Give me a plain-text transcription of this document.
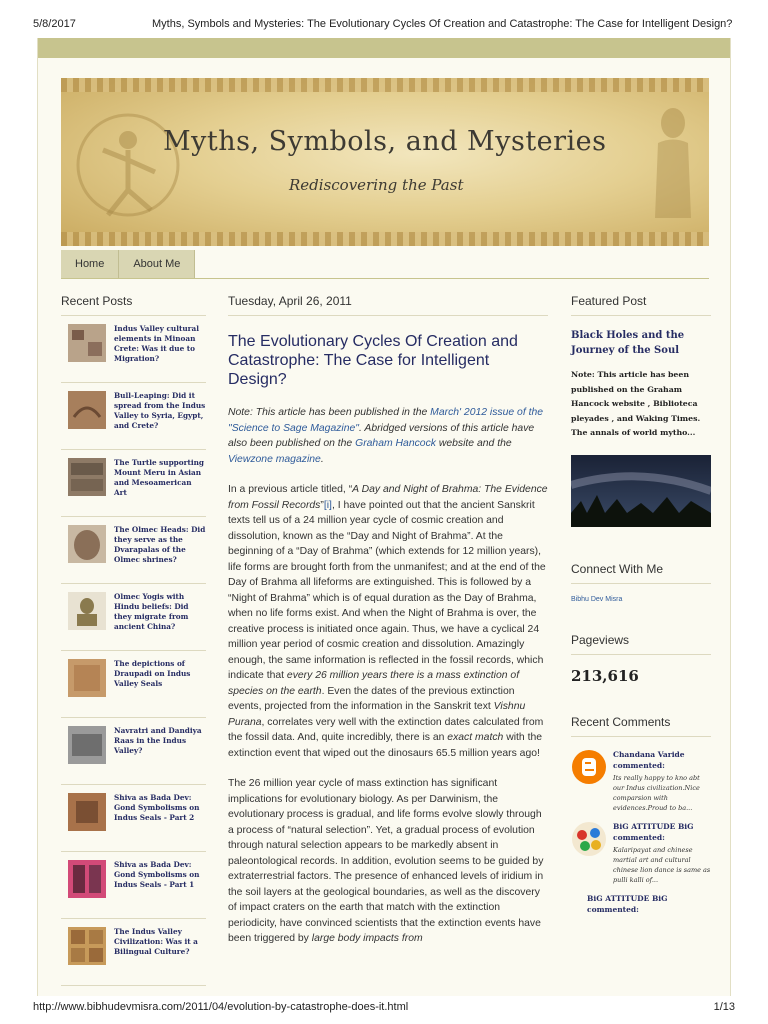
5/8/2017	Myths, Symbols and Mysteries: The Evolutionary Cycles Of Creation and Catastrophe: The Case for Intelligent Design?
Myths, Symbols, and Mysteries
Rediscovering the Past
Home	About Me
Recent Posts
Indus Valley cultural elements in Minoan Crete: Was it due to Migration?
Bull-Leaping: Did it spread from the Indus Valley to Syria, Egypt, and Crete?
The Turtle supporting Mount Meru in Asian and Mesoamerican Art
The Olmec Heads: Did they serve as the Dvarapalas of the Olmec shrines?
Olmec Yogis with Hindu beliefs: Did they migrate from ancient China?
The depictions of Draupadi on Indus Valley Seals
Navratri and Dandiya Raas in the Indus Valley?
Shiva as Bada Dev: Gond Symbolisms on Indus Seals - Part 2
Shiva as Bada Dev: Gond Symbolisms on Indus Seals - Part 1
The Indus Valley Civilization: Was it a Bilingual Culture?
Tuesday, April 26, 2011
The Evolutionary Cycles Of Creation and Catastrophe: The Case for Intelligent Design?
Note: This article has been published in the March' 2012 issue of the "Science to Sage Magazine". Abridged versions of this article have also been published on the Graham Hancock website and the Viewzone magazine.

In a previous article titled, “A Day and Night of Brahma: The Evidence from Fossil Records”[i], I have pointed out that the ancient Sanskrit texts tell us of a 24 million year cycle of cosmic creation and dissolution, known as the “Day and Night of Brahma”. At the beginning of a “Day of Brahma” (which extends for 12 million years), life forms are brought forth from the unmanifest; and at the end of the Day of Brahma all lifeforms are extinguished. This is followed by a “Night of Brahma” which is of equal duration as the Day of Brahma, when no life forms exist. And when the Night of Brahma is over, the creative process is initiated once again. Thus, we have a cyclical 24 million year period of cosmic creation and dissolution. Amazingly enough, the same information is reflected in the fossil records, which indicate that every 26 million years there is a mass extinction of species on the earth. Even the dates of the previous extinction events, projected from the information in the Sanskrit text Vishnu Purana, correlates very well with the extinction dates calculated from the fossil data. And, quite incredibly, there is an exact match with the extinction event that wiped out the dinosaurs 65.5 million years ago!

The 26 million year cycle of mass extinction has significant implications for evolutionary biology. As per Darwinism, the evolutionary process is gradual, and life forms evolve slowly through a process of “natural selection”. Yet, a gradual process of evolution through natural selection appears to be markedly absent in paleontological records. In addition, evolution seems to be guided by extraterrestrial factors. The presence of enhanced levels of iridium in the soil layers at the geological boundaries, as well as the discovery of impact craters on the earth that match with the extinction periodicity, have convinced scientists that the extinction events have been triggered by large body impacts from

Featured Post
Black Holes and the Journey of the Soul
Note: This article has been published on the Graham Hancock website , Biblioteca pleyades , and Waking Times. The annals of world mytho...
Connect With Me
Bibhu Dev Misra
Pageviews
213,616
Recent Comments
Chandana Varide
commented:
Its really happy to kno abt our Indus civilization.Nice comparsion with evidences.Proud to ba...
BiG ATTITUDE BiG
commented:
Kalaripayat and chinese martial art and cultural chinese lion dance is same as pulli kalli of...
BiG ATTITUDE BiG
commented:
http://www.bibhudevmisra.com/2011/04/evolution-by-catastrophe-does-it.html	1/13
